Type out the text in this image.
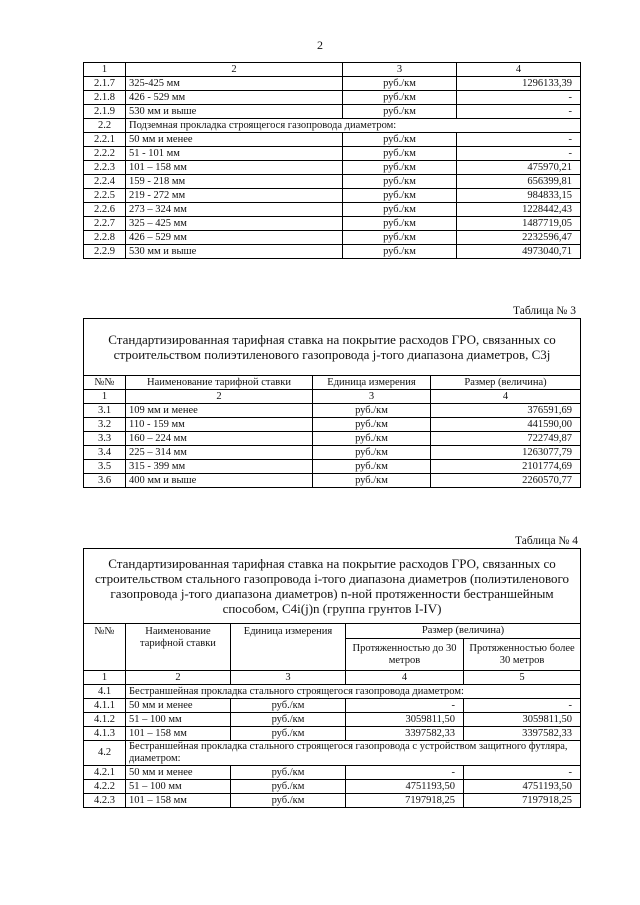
2
1	2	3	4
2.1.7	325-425 мм	руб./км	1296133,39
2.1.8	426 - 529 мм	руб./км	-
2.1.9	530 мм и выше	руб./км	-
2.2	Подземная прокладка строящегося газопровода диаметром:		
2.2.1	50 мм и менее	руб./км	-
2.2.2	51 - 101 мм	руб./км	-
2.2.3	101 – 158 мм	руб./км	475970,21
2.2.4	159 - 218 мм	руб./км	656399,81
2.2.5	219 - 272 мм	руб./км	984833,15
2.2.6	273 – 324 мм	руб./км	1228442,43
2.2.7	325 – 425 мм	руб./км	1487719,05
2.2.8	426 – 529 мм	руб./км	2232596,47
2.2.9	530 мм и выше	руб./км	4973040,71
Таблица № 3
Стандартизированная тарифная ставка на покрытие расходов ГРО, связанных со строительством полиэтиленового газопровода j-того диапазона диаметров, С3j			
№№	Наименование тарифной ставки	Единица измерения	Размер (величина)
1	2	3	4
3.1	109 мм и менее	руб./км	376591,69
3.2	110 - 159 мм	руб./км	441590,00
3.3	160 – 224 мм	руб./км	722749,87
3.4	225 – 314 мм	руб./км	1263077,79
3.5	315 - 399 мм	руб./км	2101774,69
3.6	400 мм и выше	руб./км	2260570,77
Таблица № 4
Стандартизированная тарифная ставка на покрытие расходов ГРО, связанных со строительством стального газопровода i-того диапазона диаметров (полиэтиленового газопровода j-того диапазона диаметров) n-ной протяженности бестраншейным способом, С4i(j)n (группа грунтов I-IV)				
№№	Наименование тарифной ставки	Единица измерения	Размер (величина)	
			Протяженностью до 30 метров	Протяженностью более 30 метров
1	2	3	4	5
4.1	Бестраншейная прокладка стального строящегося газопровода диаметром:			
4.1.1	50 мм и менее	руб./км	-	-
4.1.2	51 – 100 мм	руб./км	3059811,50	3059811,50
4.1.3	101 – 158 мм	руб./км	3397582,33	3397582,33
4.2	Бестраншейная прокладка стального строящегося газопровода с устройством защитного футляра, диаметром:			
4.2.1	50 мм и менее	руб./км	-	-
4.2.2	51 – 100 мм	руб./км	4751193,50	4751193,50
4.2.3	101 – 158 мм	руб./км	7197918,25	7197918,25
